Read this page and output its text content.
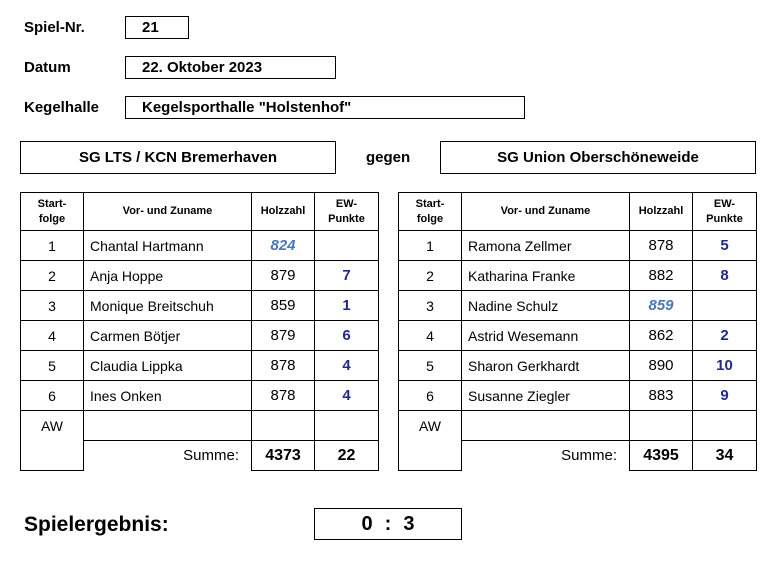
Spiel-Nr.	21
Datum	22. Oktober 2023
Kegelhalle	Kegelsporthalle "Holstenhof"
SG LTS / KCN Bremerhaven	gegen	SG Union Oberschöneweide
Start-
folge	Vor- und Zuname	Holzzahl	EW-
Punkte
1	Chantal Hartmann	824	
2	Anja Hoppe	879	7
3	Monique Breitschuh	859	1
4	Carmen Bötjer	879	6
5	Claudia Lippka	878	4
6	Ines Onken	878	4
AW			
	Summe:	4373	22
Start-
folge	Vor- und Zuname	Holzzahl	EW-
Punkte
1	Ramona Zellmer	878	5
2	Katharina Franke	882	8
3	Nadine Schulz	859	
4	Astrid Wesemann	862	2
5	Sharon Gerkhardt	890	10
6	Susanne Ziegler	883	9
AW			
	Summe:	4395	34
Spielergebnis:	0 : 3
